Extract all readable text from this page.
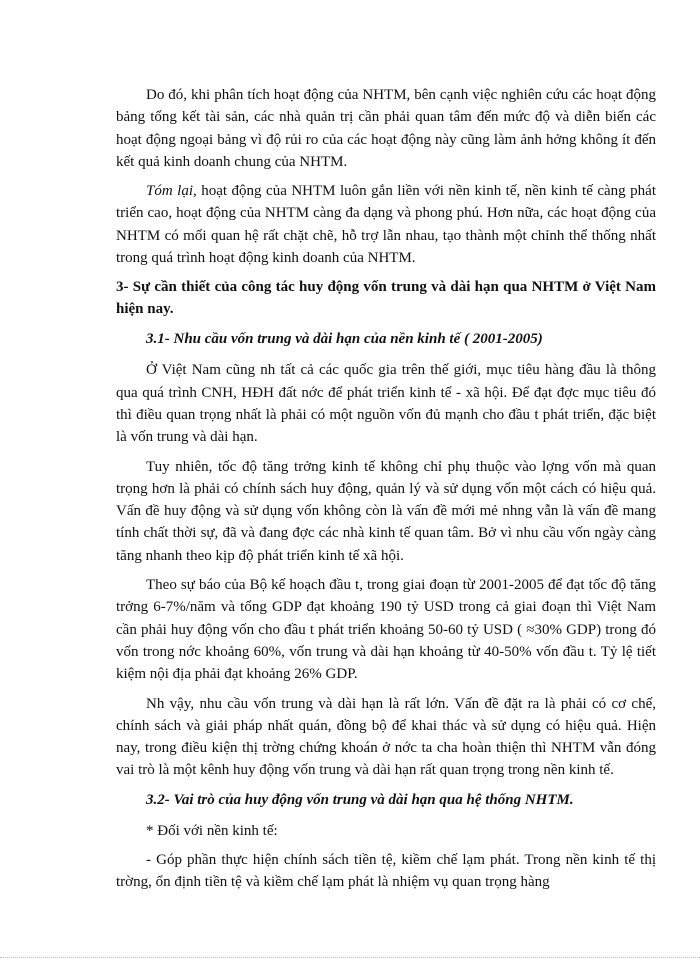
Do đó, khi phân tích hoạt động của NHTM, bên cạnh việc nghiên cứu các hoạt động bảng tổng kết tài sản, các nhà quản trị cần phải quan tâm đến mức độ và diễn biến các hoạt động ngoại bảng vì độ rủi ro của các hoạt động này cũng làm ảnh hởng không ít đến kết quả kinh doanh chung của NHTM.

Tóm lại, hoạt động của NHTM luôn gắn liền với nền kinh tế, nền kinh tế càng phát triển cao, hoạt động của NHTM càng đa dạng và phong phú. Hơn nữa, các hoạt động của NHTM có mối quan hệ rất chặt chẽ, hỗ trợ lẫn nhau, tạo thành một chỉnh thể thống nhất trong quá trình hoạt động kinh doanh của NHTM.

3- Sự cần thiết của công tác huy động vốn trung và dài hạn qua NHTM ở Việt Nam hiện nay.
3.1- Nhu cầu vốn trung và dài hạn của nền kinh tế ( 2001-2005)

Ở Việt Nam cũng nh tất cả các quốc gia trên thế giới, mục tiêu hàng đầu là thông qua quá trình CNH, HĐH đất nớc để phát triển kinh tế - xã hội. Để đạt đợc mục tiêu đó thì điều quan trọng nhất là phải có một nguồn vốn đủ mạnh cho đầu t phát triển, đặc biệt là vốn trung và dài hạn.

Tuy nhiên, tốc độ tăng trởng kinh tế không chỉ phụ thuộc vào lợng vốn mà quan trọng hơn là phải có chính sách huy động, quản lý và sử dụng vốn một cách có hiệu quả. Vấn đề huy động và sử dụng vốn không còn là vấn đề mới mẻ nhng vẫn là vấn đề mang tính chất thời sự, đã và đang đợc các nhà kinh tế quan tâm. Bở vì nhu cầu vốn ngày càng tăng nhanh theo kịp độ phát triển kinh tế xã hội.

Theo sự báo của Bộ kế hoạch đầu t, trong giai đoạn từ 2001-2005 để đạt tốc độ tăng trởng 6-7%/năm và tổng GDP đạt khoảng 190 tỷ USD trong cả giai đoạn thì Việt Nam cần phải huy động vốn cho đầu t phát triển khoảng 50-60 tỷ USD ( ≈30% GDP) trong đó vốn trong nớc khoảng 60%, vốn trung và dài hạn khoảng từ 40-50% vốn đầu t. Tỷ lệ tiết kiệm nội địa phải đạt khoảng 26% GDP.

Nh vậy, nhu cầu vốn trung và dài hạn là rất lớn. Vấn đề đặt ra là phải có cơ chế, chính sách và giải pháp nhất quán, đồng bộ để khai thác và sử dụng có hiệu quả. Hiện nay, trong điều kiện thị trờng chứng khoán ở nớc ta cha hoàn thiện thì NHTM vẫn đóng vai trò là một kênh huy động vốn trung và dài hạn rất quan trọng trong nền kinh tế.

3.2- Vai trò của huy động vốn trung và dài hạn qua hệ thống NHTM.

* Đối với nền kinh tế:

- Góp phần thực hiện chính sách tiền tệ, kiềm chế lạm phát. Trong nền kinh tế thị trờng, ổn định tiền tệ và kiềm chế lạm phát là nhiệm vụ quan trọng hàng
